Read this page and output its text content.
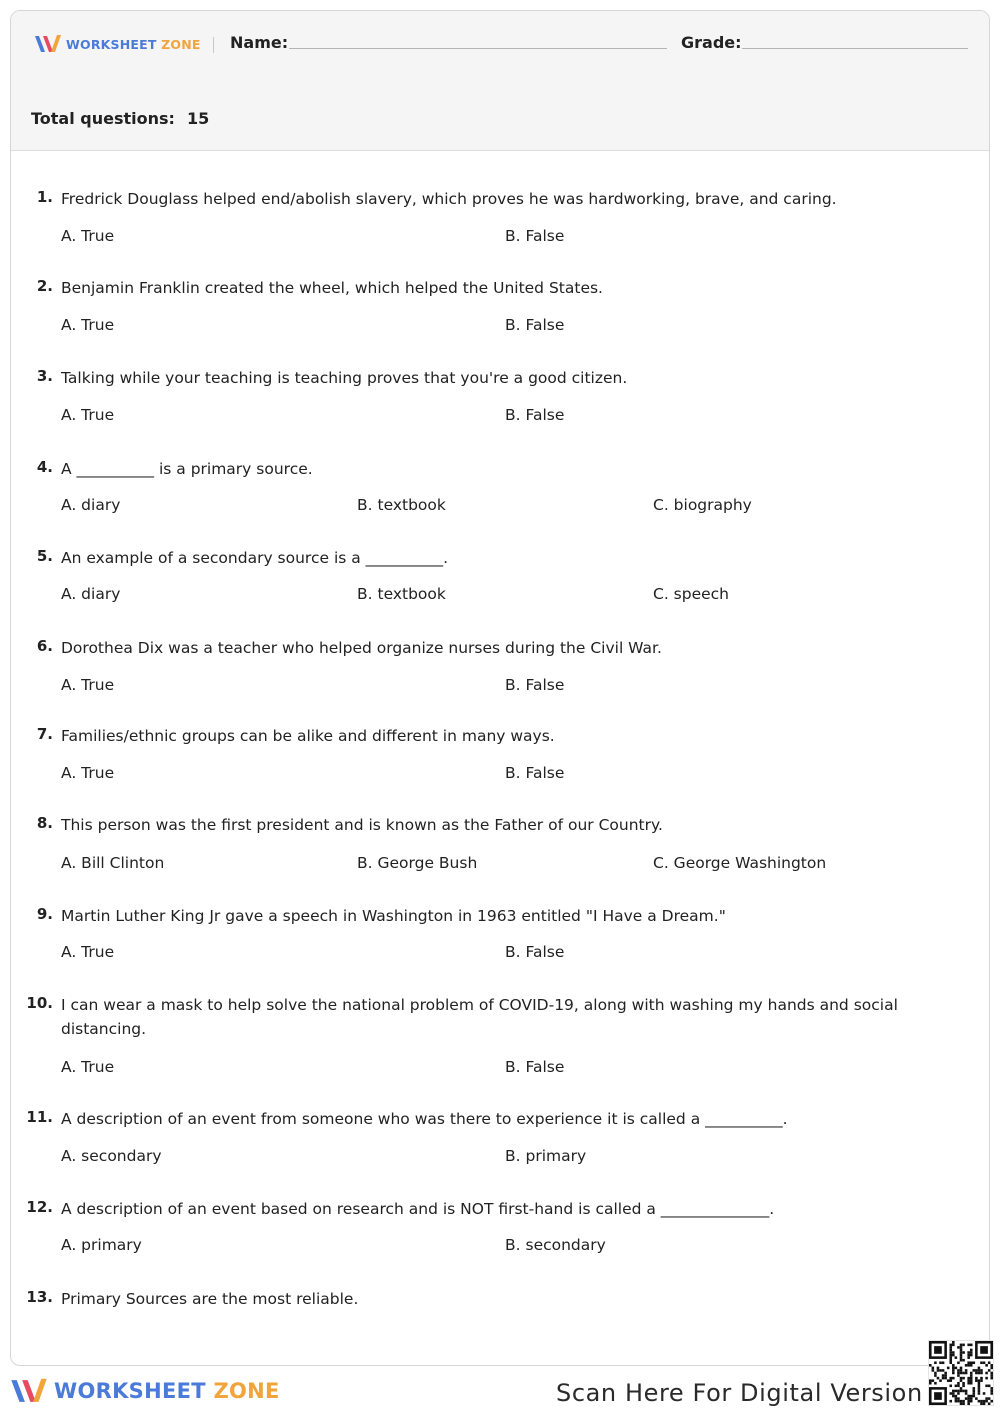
WORKSHEET ZONE Name:	Grade:
Total questions: 15
1. Fredrick Douglass helped end/abolish slavery, which proves he was hardworking, brave, and caring.
A. True	B. False
2. Benjamin Franklin created the wheel, which helped the United States.
A. True	B. False
3. Talking while your teaching is teaching proves that you're a good citizen.
A. True	B. False
4. A __________ is a primary source.
A. diary	B. textbook	C. biography
5. An example of a secondary source is a __________.
A. diary	B. textbook	C. speech
6. Dorothea Dix was a teacher who helped organize nurses during the Civil War.
A. True	B. False
7. Families/ethnic groups can be alike and different in many ways.
A. True	B. False
8. This person was the first president and is known as the Father of our Country.
A. Bill Clinton	B. George Bush	C. George Washington
9. Martin Luther King Jr gave a speech in Washington in 1963 entitled "I Have a Dream."
A. True	B. False
10. I can wear a mask to help solve the national problem of COVID-19, along with washing my hands and social distancing.
A. True	B. False
11. A description of an event from someone who was there to experience it is called a __________.
A. secondary	B. primary
12. A description of an event based on research and is NOT first-hand is called a ______________.
A. primary	B. secondary
13. Primary Sources are the most reliable.
WORKSHEET ZONE	Scan Here For Digital Version
